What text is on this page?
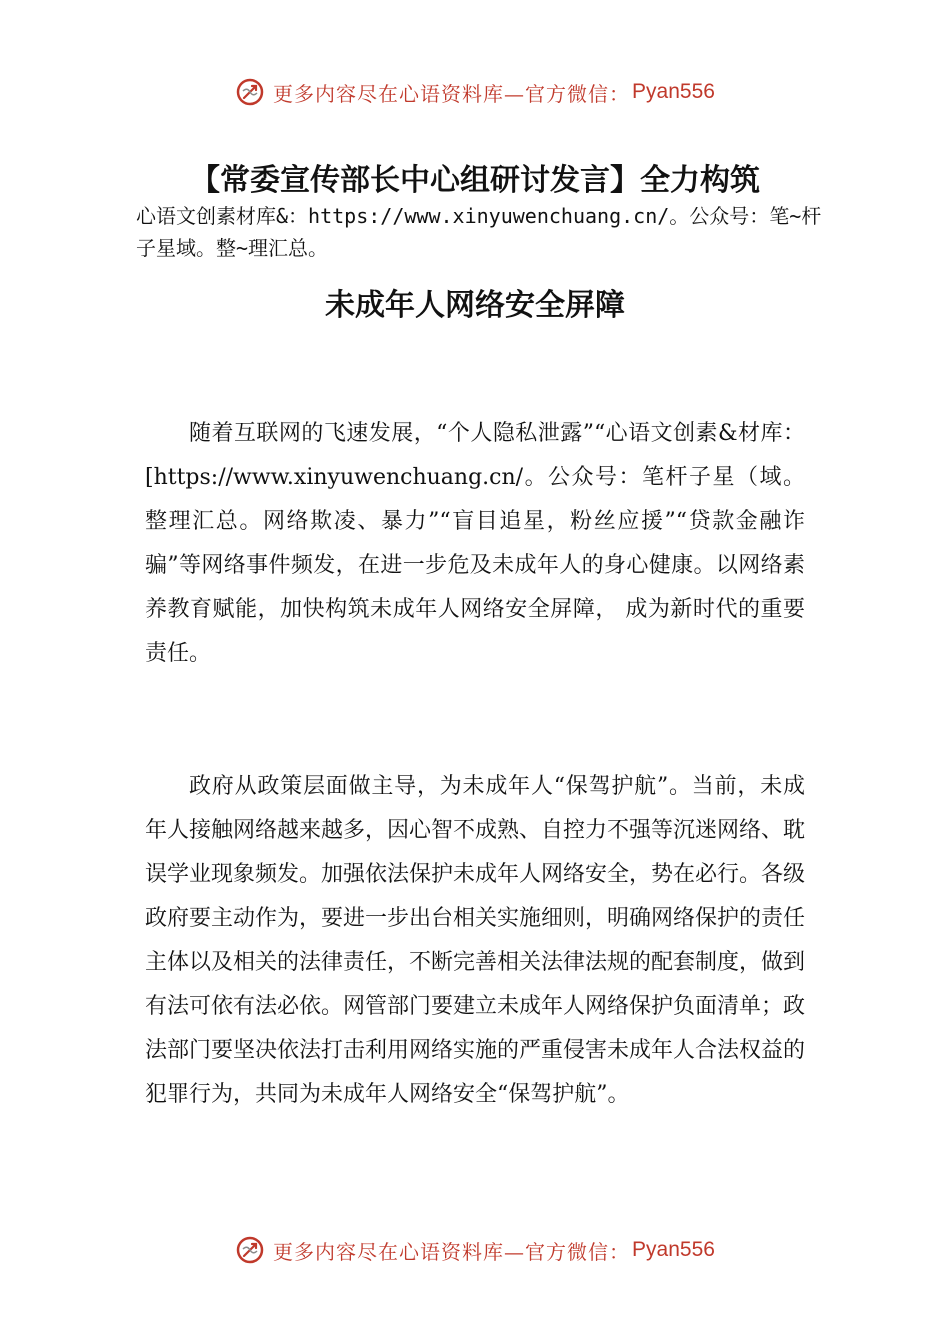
更多内容尽在心语资料库—官方微信： Pyan556
【常委宣传部长中心组研讨发言】全力构筑
心语文创素材库&：https://www.xinyuwenchuang.cn/。公众号：笔~杆子星域。整~理汇总。
未成年人网络安全屏障

随着互联网的飞速发展，“个人隐私泄露”“心语文创素&材库：[https://www.xinyuwenchuang.cn/。公众号：笔杆子星（域。整理汇总。网络欺凌、暴力”“盲目追星，粉丝应援”“贷款金融诈骗”等网络事件频发，在进一步危及未成年人的身心健康。以网络素养教育赋能，加快构筑未成年人网络安全屏障， 成为新时代的重要责任。

政府从政策层面做主导，为未成年人“保驾护航”。当前，未成年人接触网络越来越多，因心智不成熟、自控力不强等沉迷网络、耽误学业现象频发。加强依法保护未成年人网络安全，势在必行。各级政府要主动作为，要进一步出台相关实施细则，明确网络保护的责任主体以及相关的法律责任，不断完善相关法律法规的配套制度，做到有法可依有法必依。网管部门要建立未成年人网络保护负面清单；政法部门要坚决依法打击利用网络实施的严重侵害未成年人合法权益的犯罪行为，共同为未成年人网络安全“保驾护航”。

更多内容尽在心语资料库—官方微信： Pyan556
